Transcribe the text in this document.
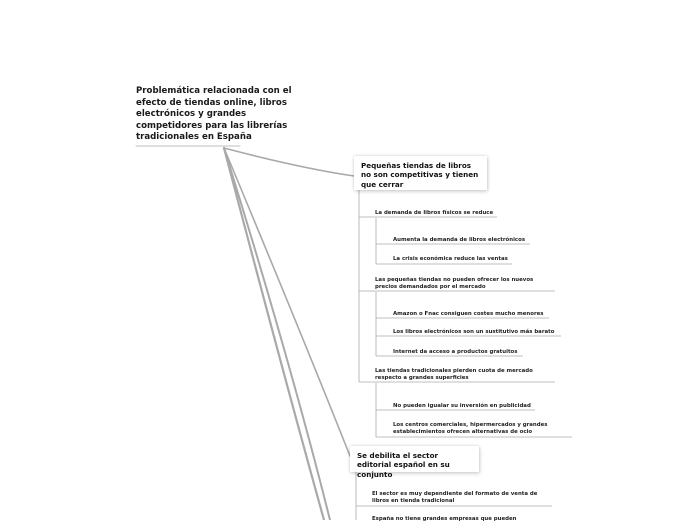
Problemática relacionada con el efecto de tiendas online, libros electrónicos y grandes competidores para las librerías tradicionales en España
Pequeñas tiendas de libros no son competitivas y tienen que cerrar
La demanda de libros físicos se reduce
Aumenta la demanda de libros electrónicos
La crisis económica reduce las ventas
Las pequeñas tiendas no pueden ofrecer los nuevos precios demandados por el mercado
Amazon o Fnac consiguen costes mucho menores
Los libros electrónicos son un sustitutivo más barato
Internet da acceso a productos gratuitos
Las tiendas tradicionales pierden cuota de mercado respecto a grandes superficies
No pueden igualar su inversión en publicidad
Los centros comerciales, hipermercados y grandes establecimientos ofrecen alternativas de ocio
Se debilita el sector editorial español en su conjunto
El sector es muy dependiente del formato de venta de libros en tienda tradicional
España no tiene grandes empresas que pueden
